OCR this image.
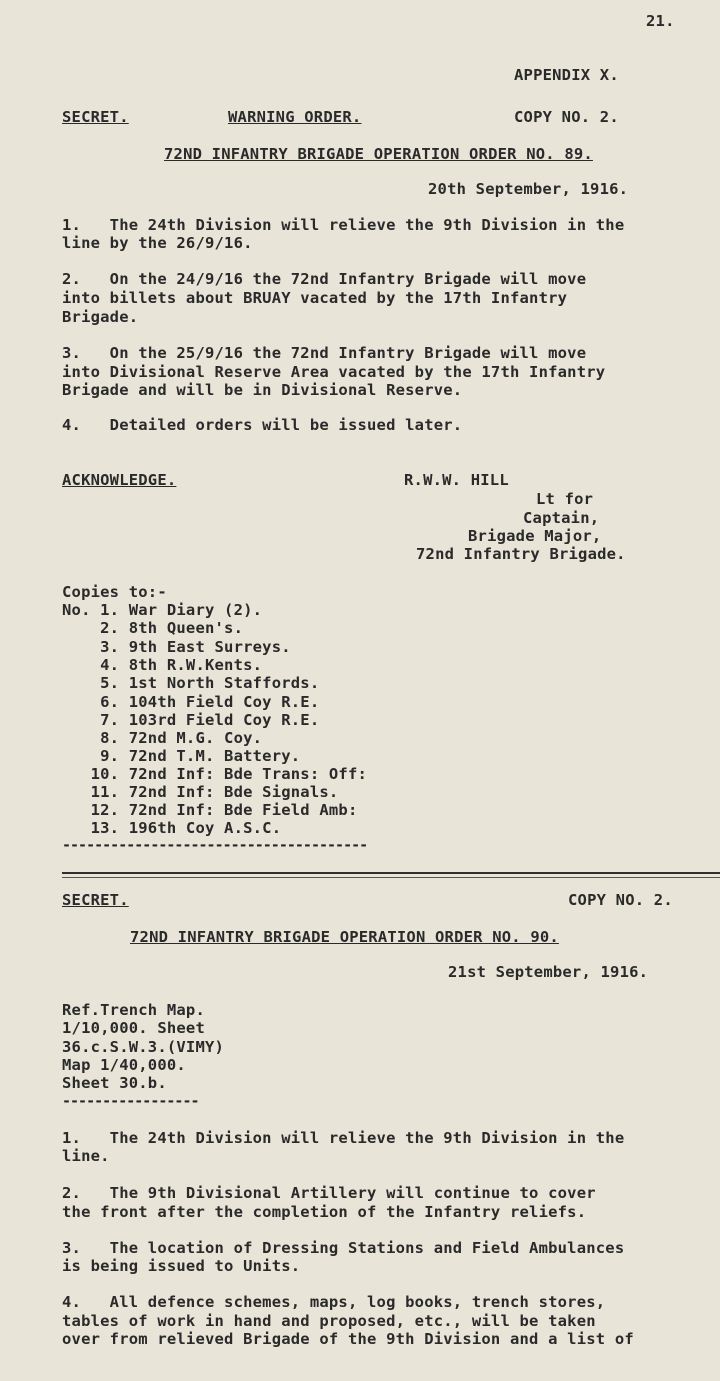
21.
APPENDIX X.
SECRET.	WARNING ORDER.	COPY NO. 2.
72ND INFANTRY BRIGADE OPERATION ORDER NO. 89.
20th September, 1916.
1.   The 24th Division will relieve the 9th Division in the
line by the 26/9/16.
2.   On the 24/9/16 the 72nd Infantry Brigade will move
into billets about BRUAY vacated by the 17th Infantry
Brigade.
3.   On the 25/9/16 the 72nd Infantry Brigade will move
into Divisional Reserve Area vacated by the 17th Infantry
Brigade and will be in Divisional Reserve.
4.   Detailed orders will be issued later.
ACKNOWLEDGE.	R.W.W. HILL
Lt for
Captain,
Brigade Major,
72nd Infantry Brigade.
Copies to:-
No. 1. War Diary (2).
2. 8th Queen's.
3. 9th East Surreys.
4. 8th R.W.Kents.
5. 1st North Staffords.
6. 104th Field Coy R.E.
7. 103rd Field Coy R.E.
8. 72nd M.G. Coy.
9. 72nd T.M. Battery.
10. 72nd Inf: Bde Trans: Off:
11. 72nd Inf: Bde Signals.
12. 72nd Inf: Bde Field Amb:
13. 196th Coy A.S.C.
--------------------------------------
SECRET.	COPY NO. 2.
72ND INFANTRY BRIGADE OPERATION ORDER NO. 90.
21st September, 1916.
Ref.Trench Map.
1/10,000. Sheet
36.c.S.W.3.(VIMY)
Map 1/40,000.
Sheet 30.b.
-----------------
1.   The 24th Division will relieve the 9th Division in the
line.
2.   The 9th Divisional Artillery will continue to cover
the front after the completion of the Infantry reliefs.
3.   The location of Dressing Stations and Field Ambulances
is being issued to Units.
4.   All defence schemes, maps, log books, trench stores,
tables of work in hand and proposed, etc., will be taken
over from relieved Brigade of the 9th Division and a list of
